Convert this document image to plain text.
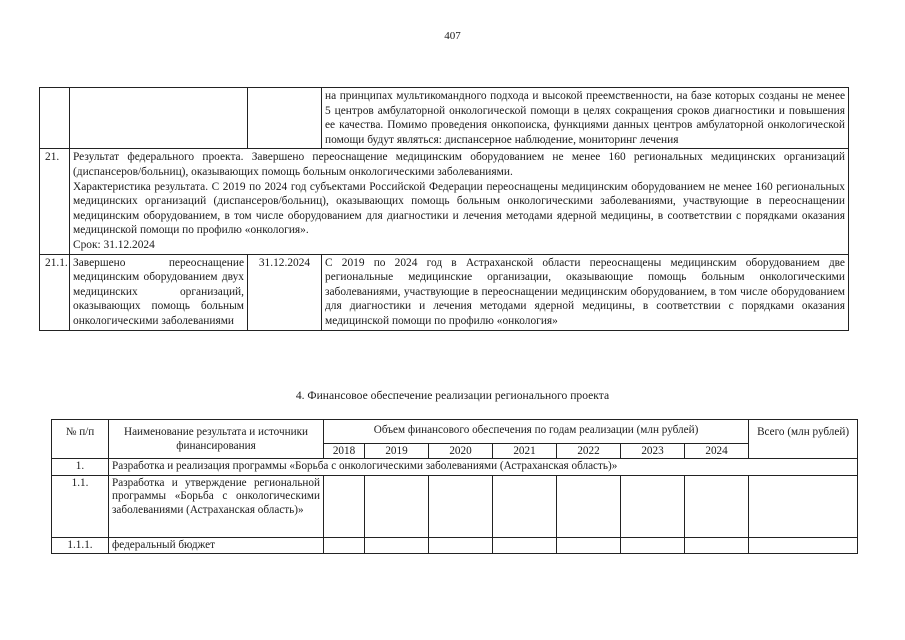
407
			на принципах мультикомандного подхода и высокой преемственности, на базе которых созданы не менее 5 центров амбулаторной онкологической помощи в целях сокращения сроков диагностики и повышения ее качества. Помимо проведения онкопоиска, функциями данных центров амбулаторной онкологической помощи будут являться: диспансерное наблюдение, мониторинг лечения
21.	Результат федерального проекта. Завершено переоснащение медицинским оборудованием не менее 160 региональных медицинских организаций (диспансеров/больниц), оказывающих помощь больным онкологическими заболеваниями.
Характеристика результата. С 2019 по 2024 год субъектами Российской Федерации переоснащены медицинским оборудованием не менее 160 региональных медицинских организаций (диспансеров/больниц), оказывающих помощь больным онкологическими заболеваниями, участвующие в переоснащении медицинским оборудованием, в том числе оборудованием для диагностики и лечения методами ядерной медицины, в соответствии с порядками оказания медицинской помощи по профилю «онкология».
Срок: 31.12.2024		

21.1.	Завершено переоснащение медицинским оборудованием двух медицинских организаций, оказывающих помощь больным онкологическими заболеваниями	31.12.2024	С 2019 по 2024 год в Астраханской области переоснащены медицинским оборудованием две региональные медицинские организации, оказывающие помощь больным онкологическими заболеваниями, участвующие в переоснащении медицинским оборудованием, в том числе оборудованием для диагностики и лечения методами ядерной медицины, в соответствии с порядками оказания медицинской помощи по профилю «онкология»
4. Финансовое обеспечение реализации регионального проекта
№ п/п	Наименование результата и источники финансирования	Объем финансового обеспечения по годам реализации (млн рублей)							Всего (млн рублей)
		2018	2019	2020	2021	2022	2023	2024	
1.	Разработка и реализация программы «Борьба с онкологическими заболеваниями (Астраханская область)»								
1.1.	Разработка и утверждение региональной программы «Борьба с онкологическими заболеваниями (Астраханская область)»								
1.1.1.	федеральный бюджет								
